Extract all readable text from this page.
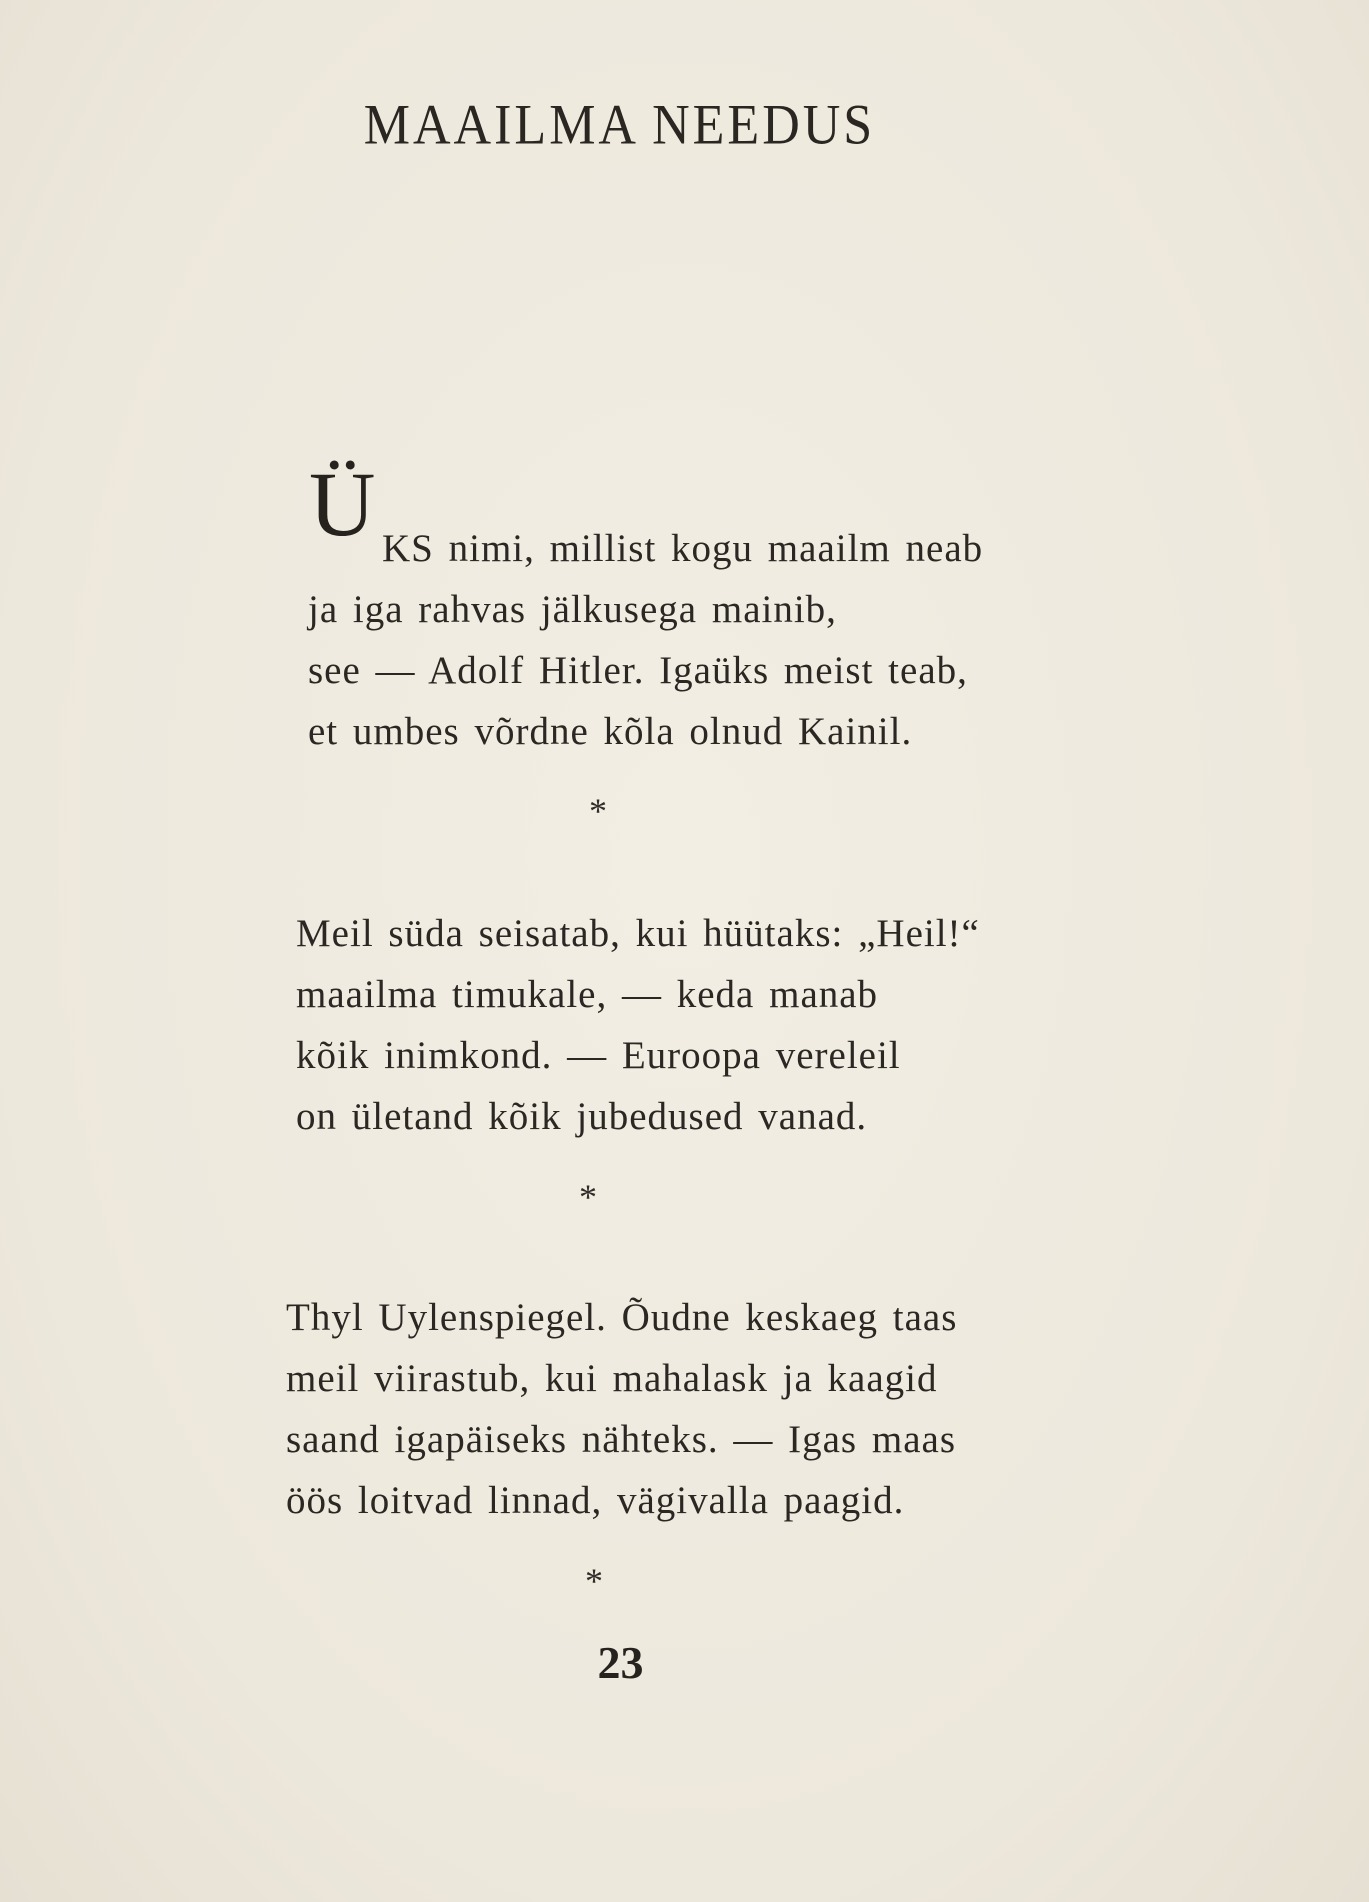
MAAILMA NEEDUS
Ü KS nimi, millist kogu maailm neab
ja iga rahvas jälkusega mainib,
see — Adolf Hitler. Igaüks meist teab,
et umbes võrdne kõla olnud Kainil.
*
Meil süda seisatab, kui hüütaks: „Heil!“
maailma timukale, — keda manab
kõik inimkond. — Euroopa vereleil
on ületand kõik jubedused vanad.
*
Thyl Uylenspiegel. Õudne keskaeg taas
meil viirastub, kui mahalask ja kaagid
saand igapäiseks nähteks. — Igas maas
öös loitvad linnad, vägivalla paagid.
*
23
